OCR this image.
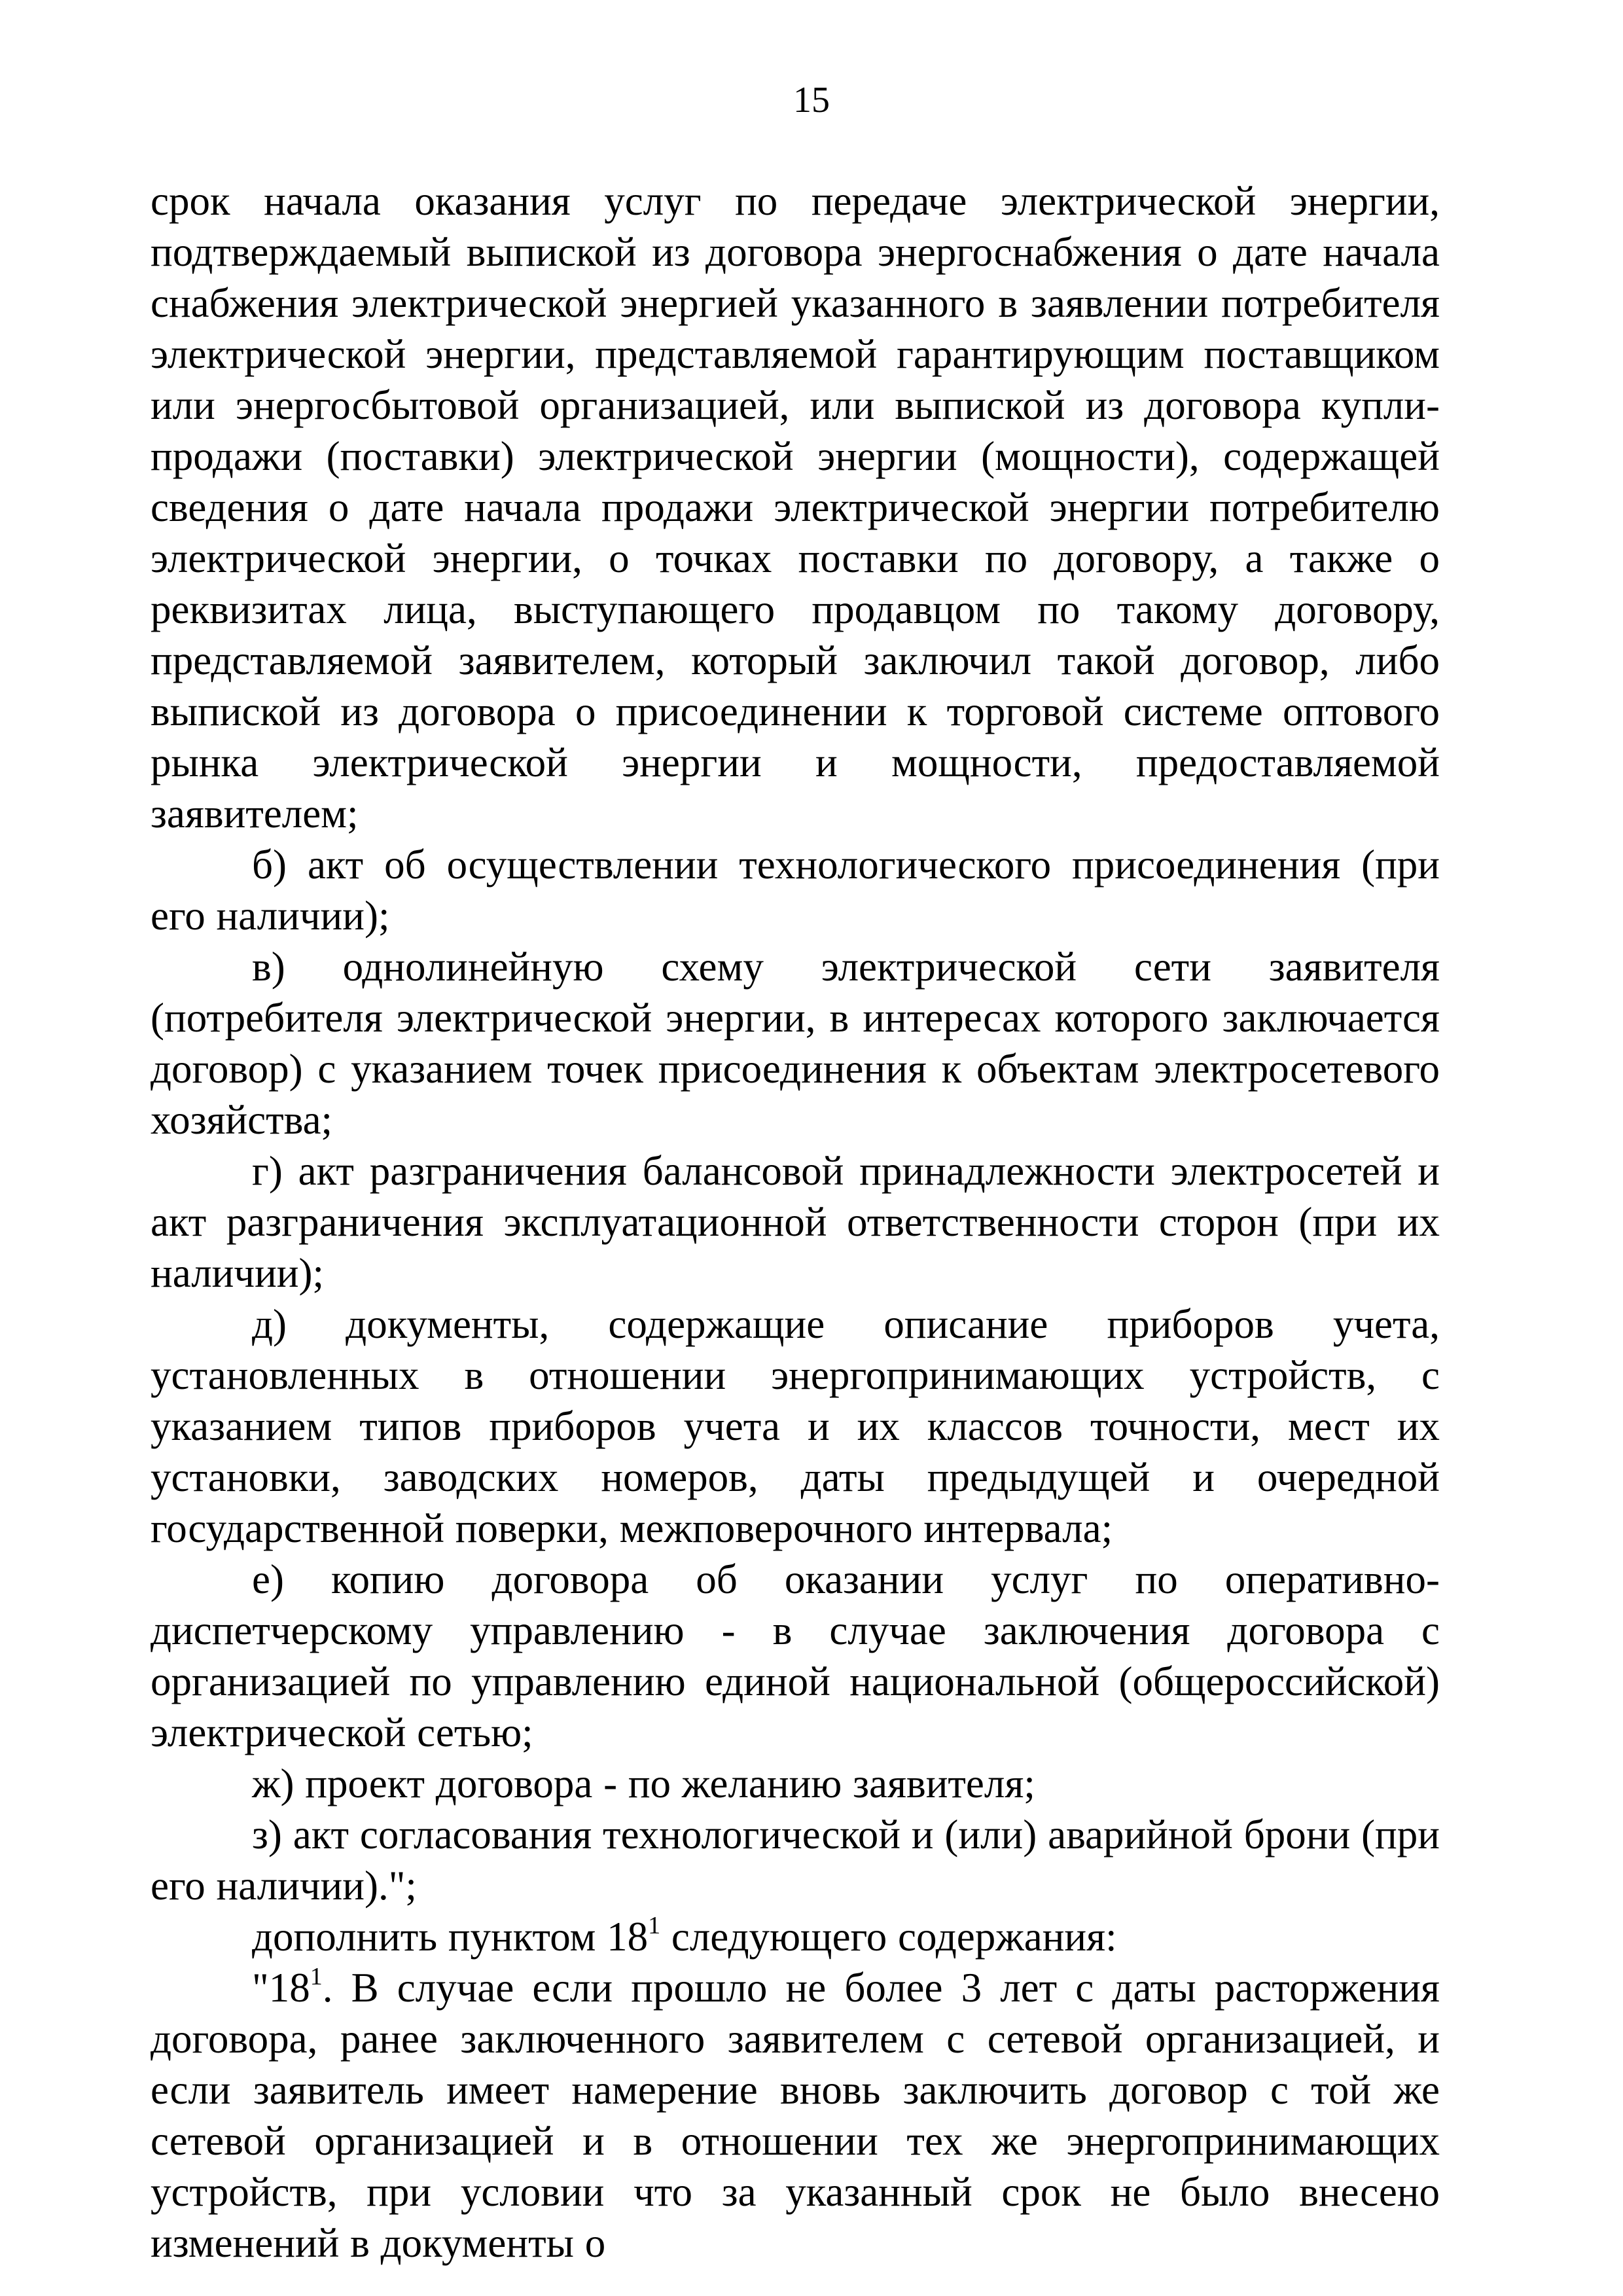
15

срок начала оказания услуг по передаче электрической энергии, подтверждаемый выпиской из договора энергоснабжения о дате начала снабжения электрической энергией указанного в заявлении потребителя электрической энергии, представляемой гарантирующим поставщиком или энергосбытовой организацией, или выпиской из договора купли-продажи (поставки) электрической энергии (мощности), содержащей сведения о дате начала продажи электрической энергии потребителю электрической энергии, о точках поставки по договору, а также о реквизитах лица, выступающего продавцом по такому договору, представляемой заявителем, который заключил такой договор, либо выпиской из договора о присоединении к торговой системе оптового рынка электрической энергии и мощности, предоставляемой заявителем;

б) акт об осуществлении технологического присоединения (при его наличии);

в) однолинейную схему электрической сети заявителя (потребителя электрической энергии, в интересах которого заключается договор) с указанием точек присоединения к объектам электросетевого хозяйства;

г) акт разграничения балансовой принадлежности электросетей и акт разграничения эксплуатационной ответственности сторон (при их наличии);

д) документы, содержащие описание приборов учета, установленных в отношении энергопринимающих устройств, с указанием типов приборов учета и их классов точности, мест их установки, заводских номеров, даты предыдущей и очередной государственной поверки, межповерочного интервала;

е) копию договора об оказании услуг по оперативно-диспетчерскому управлению - в случае заключения договора с организацией по управлению единой национальной (общероссийской) электрической сетью;

ж) проект договора - по желанию заявителя;

з) акт согласования технологической и (или) аварийной брони (при его наличии).";

дополнить пунктом $18^1$ следующего содержания:

"$18^1$. В случае если прошло не более 3 лет с даты расторжения договора, ранее заключенного заявителем с сетевой организацией, и если заявитель имеет намерение вновь заключить договор с той же сетевой организацией и в отношении тех же энергопринимающих устройств, при условии что за указанный срок не было внесено изменений в документы о
